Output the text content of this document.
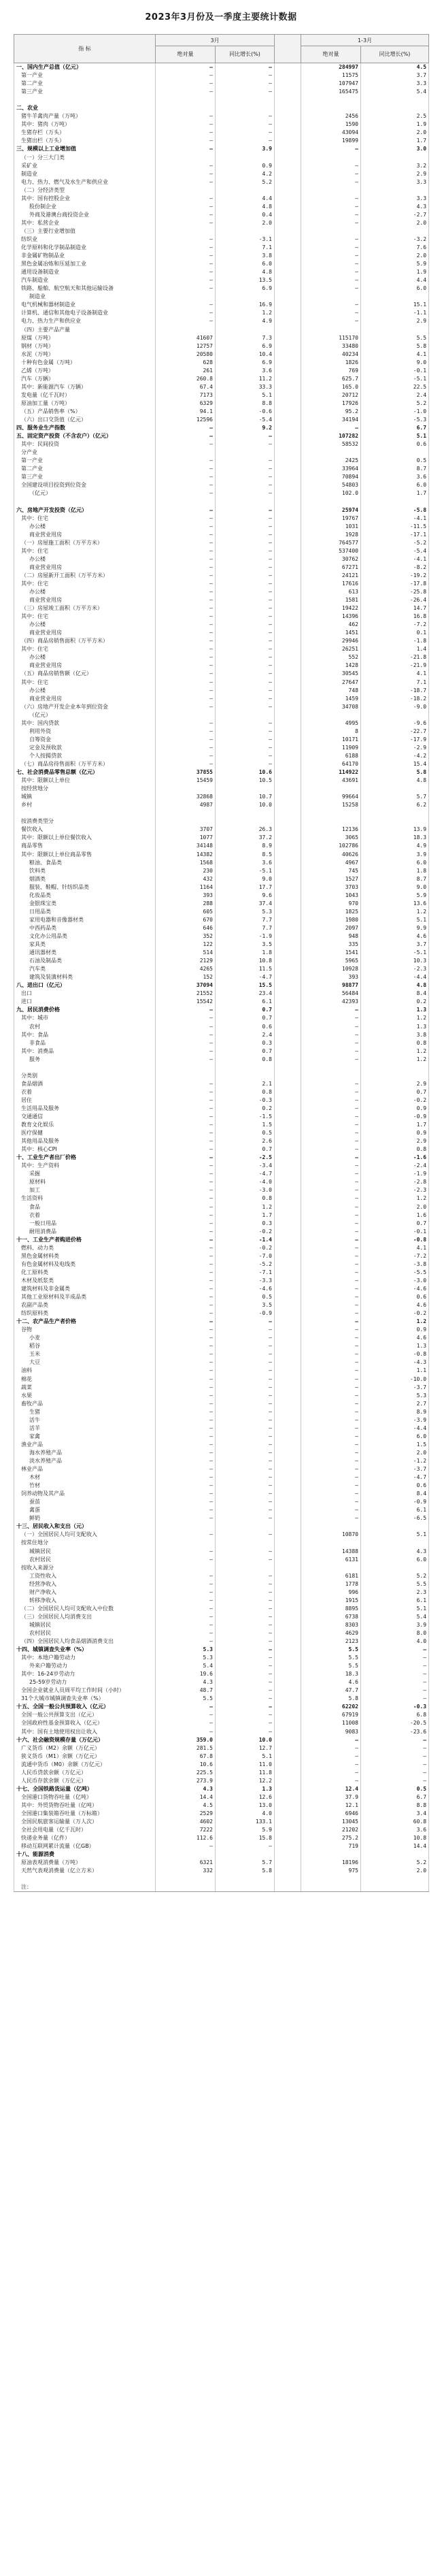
2023年3月份及一季度主要统计数据
指 标	3月			1-3月	
	绝对量	同比增长(%)		绝对量	同比增长(%)
一、国内生产总值（亿元）	—	—		284997	4.5
第一产业	—	—		11575	3.7
第二产业	—	—		107947	3.3
第三产业	—	—		165475	5.4

二、农业					
猪牛羊禽肉产量（万吨）	—	—		2456	2.5
其中：猪肉（万吨）	—	—		1590	1.9
生猪存栏（万头）	—	—		43094	2.0
生猪出栏（万头）	—	—		19899	1.7
三、规模以上工业增加值	—	3.9		—	3.0
（一）分三大门类					
采矿业	—	0.9		—	3.2
制造业	—	4.2		—	2.9
电力、热力、燃气及水生产和供应业	—	5.2		—	3.3
（二）分经济类型					
其中：国有控股企业	—	4.4		—	3.3
股份制企业	—	4.8		—	4.3
外商及港澳台商投资企业	—	0.4		—	-2.7
其中：私营企业	—	2.0		—	2.0
（三）主要行业增加值					
纺织业	—	-3.1		—	-3.2
化学原料和化学制品制造业	—	7.1		—	7.6
非金属矿物制品业	—	3.8		—	2.0
黑色金属冶炼和压延加工业	—	6.0		—	5.9
通用设备制造业	—	4.8		—	1.9
汽车制造业	—	13.5		—	4.4
铁路、船舶、航空航天和其他运输设备	—	6.9		—	6.0
制造业					
电气机械和器材制造业	—	16.9		—	15.1
计算机、通信和其他电子设备制造业	—	1.2		—	-1.1
电力、热力生产和供应业	—	4.9		—	2.9
（四）主要产品产量					
原煤（万吨）	41607	7.3		115170	5.5
钢材（万吨）	12757	6.9		33480	5.8
水泥（万吨）	20580	10.4		40234	4.1
十种有色金属（万吨）	628	6.9		1826	9.0
乙烯（万吨）	261	3.6		769	-0.1
汽车（万辆）	260.8	11.2		625.7	-5.1
其中：新能源汽车（万辆）	67.4	33.3		165.0	22.5
发电量（亿千瓦时）	7173	5.1		20712	2.4
原油加工量（万吨）	6329	8.8		17926	5.2
（五）产品销售率（%）	94.1	-0.6		95.2	-1.0
（六）出口交货值（亿元）	12596	-5.4		34194	-5.3
四、服务业生产指数	—	9.2		—	6.7
五、固定资产投资（不含农户）（亿元）	—	—		107282	5.1
其中：民间投资	—	—		58532	0.6
分产业					
第一产业	—	—		2425	0.5
第二产业	—	—		33964	8.7
第三产业	—	—		70894	3.6
全国建设项目投资到位资金	—	—		54803	6.0
（亿元）	—	—		102.0	1.7

六、房地产开发投资（亿元）	—	—		25974	-5.8
其中：住宅	—	—		19767	-4.1
办公楼	—	—		1031	-11.5
商业营业用房	—	—		1928	-17.1
（一）房屋施工面积（万平方米）	—	—		764577	-5.2
其中：住宅	—	—		537400	-5.4
办公楼	—	—		30762	-4.1
商业营业用房	—	—		67271	-8.2
（二）房屋新开工面积（万平方米）	—	—		24121	-19.2
其中：住宅	—	—		17616	-17.8
办公楼	—	—		613	-25.8
商业营业用房	—	—		1581	-26.4
（三）房屋竣工面积（万平方米）	—	—		19422	14.7
其中：住宅	—	—		14396	16.8
办公楼	—	—		462	-7.2
商业营业用房	—	—		1451	0.1
（四）商品房销售面积（万平方米）	—	—		29946	-1.8
其中：住宅	—	—		26251	1.4
办公楼	—	—		552	-21.8
商业营业用房	—	—		1428	-21.9
（五）商品房销售额（亿元）	—	—		30545	4.1
其中：住宅	—	—		27647	7.1
办公楼	—	—		748	-18.7
商业营业用房	—	—		1459	-18.2
（六）房地产开发企业本年到位资金	—	—		34708	-9.0
（亿元）					
其中：国内贷款	—	—		4995	-9.6
利用外资	—	—		8	-22.7
自筹资金	—	—		10171	-17.9
定金及预收款	—	—		11909	-2.9
个人按揭贷款	—	—		6188	-4.2
（七）商品房待售面积（万平方米）	—	—		64170	15.4
七、社会消费品零售总额（亿元）	37855	10.6		114922	5.8
其中：限额以上单位	15459	10.5		43691	4.8
按经营地分					
城镇	32868	10.7		99664	5.7
乡村	4987	10.0		15258	6.2

按消费类型分					
餐饮收入	3707	26.3		12136	13.9
其中：限额以上单位餐饮收入	1077	37.2		3065	18.3
商品零售	34148	8.9		102786	4.9
其中：限额以上单位商品零售	14382	8.5		40626	3.9
粮油、食品类	1568	3.6		4967	6.0
饮料类	230	-5.1		745	1.8
烟酒类	432	9.0		1527	8.7
服装、鞋帽、针纺织品类	1164	17.7		3703	9.0
化妆品类	393	9.6		1043	5.9
金银珠宝类	288	37.4		970	13.6
日用品类	605	5.3		1825	1.2
家用电器和音像器材类	670	7.7		1980	5.1
中西药品类	646	7.7		2097	9.9
文化办公用品类	352	-1.9		948	4.6
家具类	122	3.5		335	3.7
通讯器材类	514	1.8		1541	-5.1
石油及制品类	2129	10.8		5965	10.3
汽车类	4265	11.5		10928	-2.3
建筑及装潢材料类	152	-4.7		393	-4.4
八、进出口（亿元）	37094	15.5		98877	4.8
出口	21552	23.4		56484	8.4
进口	15542	6.1		42393	0.2
九、居民消费价格	—	0.7		—	1.3
其中：城市	—	0.7		—	1.2
农村	—	0.6		—	1.3
其中：食品	—	2.4		—	3.8
非食品	—	0.3		—	0.8
其中：消费品	—	0.7		—	1.2
服务	—	0.8		—	1.2

分类别					
食品烟酒	—	2.1		—	2.9
衣着	—	0.8		—	0.7
居住	—	-0.3		—	-0.2
生活用品及服务	—	0.2		—	0.9
交通通信	—	-1.5		—	-0.9
教育文化娱乐	—	1.5		—	1.7
医疗保健	—	0.5		—	0.9
其他用品及服务	—	2.6		—	2.9
其中：核心CPI	—	0.7		—	0.8
十、工业生产者出厂价格	—	-2.5		—	-1.6
其中：生产资料	—	-3.4		—	-2.4
采掘	—	-4.7		—	-1.9
原材料	—	-4.0		—	-2.8
加工	—	-3.0		—	-2.3
生活资料	—	0.8		—	1.2
食品	—	1.2		—	2.0
衣着	—	1.7		—	1.6
一般日用品	—	0.3		—	0.7
耐用消费品	—	-0.2		—	-0.1
十一、工业生产者购进价格	—	-1.4		—	-0.8
燃料、动力类	—	-0.2		—	4.1
黑色金属材料类	—	-7.0		—	-7.2
有色金属材料及电线类	—	-5.2		—	-3.8
化工原料类	—	-7.1		—	-5.5
木材及纸浆类	—	-3.3		—	-3.0
建筑材料及非金属类	—	-4.6		—	-4.6
其他工业原材料及半成品类	—	0.5		—	0.6
农副产品类	—	3.5		—	4.6
纺织原料类	—	-0.9		—	-0.2
十二、农产品生产者价格	—	—		—	1.2
谷物	—	—		—	0.9
小麦	—	—		—	4.6
稻谷	—	—		—	1.3
玉米	—	—		—	-0.8
大豆	—	—		—	-4.3
油料	—	—		—	1.1
棉花	—	—		—	-10.0
蔬菜	—	—		—	-3.7
水果	—	—		—	5.3
畜牧产品	—	—		—	2.7
生猪	—	—		—	8.9
活牛	—	—		—	-3.9
活羊	—	—		—	-4.4
家禽	—	—		—	6.0
渔业产品	—	—		—	1.5
海水养殖产品	—	—		—	2.0
淡水养殖产品	—	—		—	-1.2
林业产品	—	—		—	-3.7
木材	—	—		—	-4.7
竹材	—	—		—	0.6
饲养动物及其产品	—	—		—	8.4
蚕茧	—	—		—	-0.9
禽蛋	—	—		—	6.1
鲜奶	—	—		—	-6.5
十三、居民收入和支出（元）					
（一）全国居民人均可支配收入	—	—		10870	5.1
按常住地分					
城镇居民	—	—		14388	4.3
农村居民	—	—		6131	6.0
按收入来源分					
工资性收入	—	—		6181	5.2
经营净收入	—	—		1778	5.5
财产净收入	—	—		996	2.3
转移净收入	—	—		1915	6.1
（二）全国居民人均可支配收入中位数	—	—		8895	5.1
（三）全国居民人均消费支出	—	—		6738	5.4
城镇居民	—	—		8303	3.9
农村居民	—	—		4629	8.0
（四）全国居民人均食品烟酒消费支出	—	—		2123	4.0
十四、城镇调查失业率（%）	5.3	—		5.5	—
其中：本地户籍劳动力	5.3	—		5.5	—
外来户籍劳动力	5.4	—		5.5	—
其中：16-24岁劳动力	19.6	—		18.3	—
25-59岁劳动力	4.3	—		4.6	—
全国企业就业人员周平均工作时间（小时）	48.7	—		47.7	—
31个大城市城镇调查失业率（%）	5.5	—		5.8	—
十五、全国一般公共预算收入（亿元）	—	—		62202	-0.3
全国一般公共预算支出（亿元）	—	—		67919	6.8
全国政府性基金预算收入（亿元）	—	—		11008	-20.5
其中：国有土地使用权出让收入	—	—		9083	-23.6
十六、社会融资规模存量（万亿元）	359.0	10.0		—	—
广义货币（M2）余额（万亿元）	281.5	12.7		—	—
狭义货币（M1）余额（万亿元）	67.8	5.1		—	—
流通中货币（M0）余额（万亿元）	10.6	11.0		—	—
人民币贷款余额（万亿元）	225.5	11.8		—	—
人民币存款余额（万亿元）	273.9	12.2		—	—
十七、全国铁路货运量（亿吨）	4.3	1.3		12.4	0.5
全国港口货物吞吐量（亿吨）	14.4	12.6		37.9	6.7
其中：外贸货物吞吐量（亿吨）	4.5	13.0		12.1	8.8
全国港口集装箱吞吐量（万标箱）	2529	4.0		6946	3.4
全国民航旅客运输量（万人次）	4602	133.1		13045	60.8
全社会用电量（亿千瓦时）	7222	5.9		21202	3.6
快递业务量（亿件）	112.6	15.8		275.2	10.8
移动互联网累计流量（亿GB）	—	—		719	14.4
十八、能源消费					
原油表观消费量（万吨）	6321	5.7		18196	5.2
天然气表观消费量（亿立方米）	332	5.8		975	2.0

注：					
